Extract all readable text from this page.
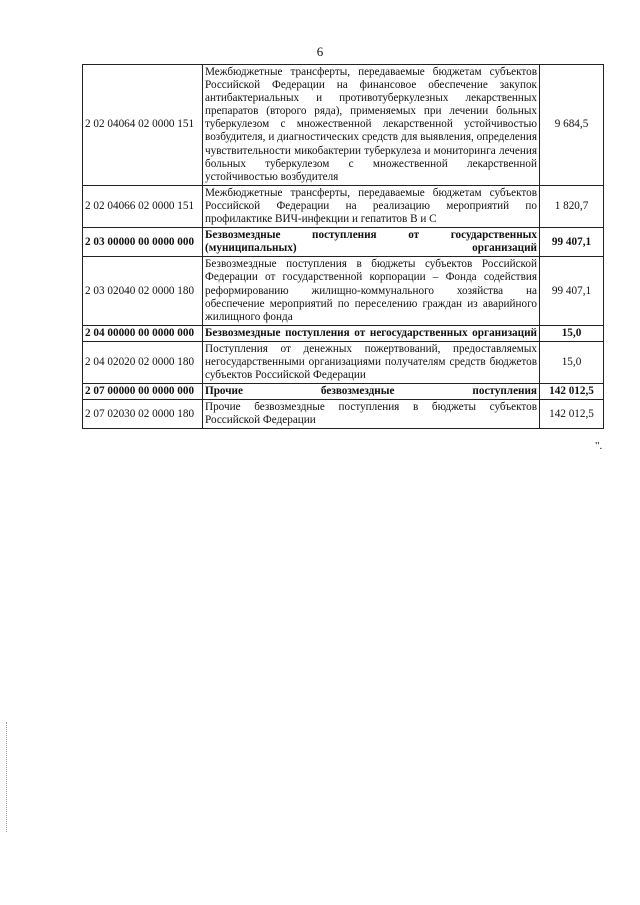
6
2 02 04064 02 0000 151	Межбюджетные трансферты, передаваемые бюджетам субъектов Российской Федерации на финансовое обеспечение закупок антибактериальных и противотуберкулезных лекарственных препаратов (второго ряда), применяемых при лечении больных туберкулезом с множественной лекарственной устойчивостью возбудителя, и диагностических средств для выявления, определения чувствительности микобактерии туберкулеза и мониторинга лечения больных туберкулезом с множественной лекарственной устойчивостью возбудителя	9 684,5
2 02 04066 02 0000 151	Межбюджетные трансферты, передаваемые бюджетам субъектов Российской Федерации на реализацию мероприятий по профилактике ВИЧ-инфекции и гепатитов В и С	1 820,7
2 03 00000 00 0000 000	Безвозмездные поступления от государственных (муниципальных) организаций	99 407,1
2 03 02040 02 0000 180	Безвозмездные поступления в бюджеты субъектов Российской Федерации от государственной корпорации – Фонда содействия реформированию жилищно-коммунального хозяйства на обеспечение мероприятий по переселению граждан из аварийного жилищного фонда	99 407,1
2 04 00000 00 0000 000	Безвозмездные поступления от негосударственных организаций	15,0
2 04 02020 02 0000 180	Поступления от денежных пожертвований, предоставляемых негосударственными организациями получателям средств бюджетов субъектов Российской Федерации	15,0
2 07 00000 00 0000 000	Прочие безвозмездные поступления	142 012,5
2 07 02030 02 0000 180	Прочие безвозмездные поступления в бюджеты субъектов Российской Федерации	142 012,5
".
